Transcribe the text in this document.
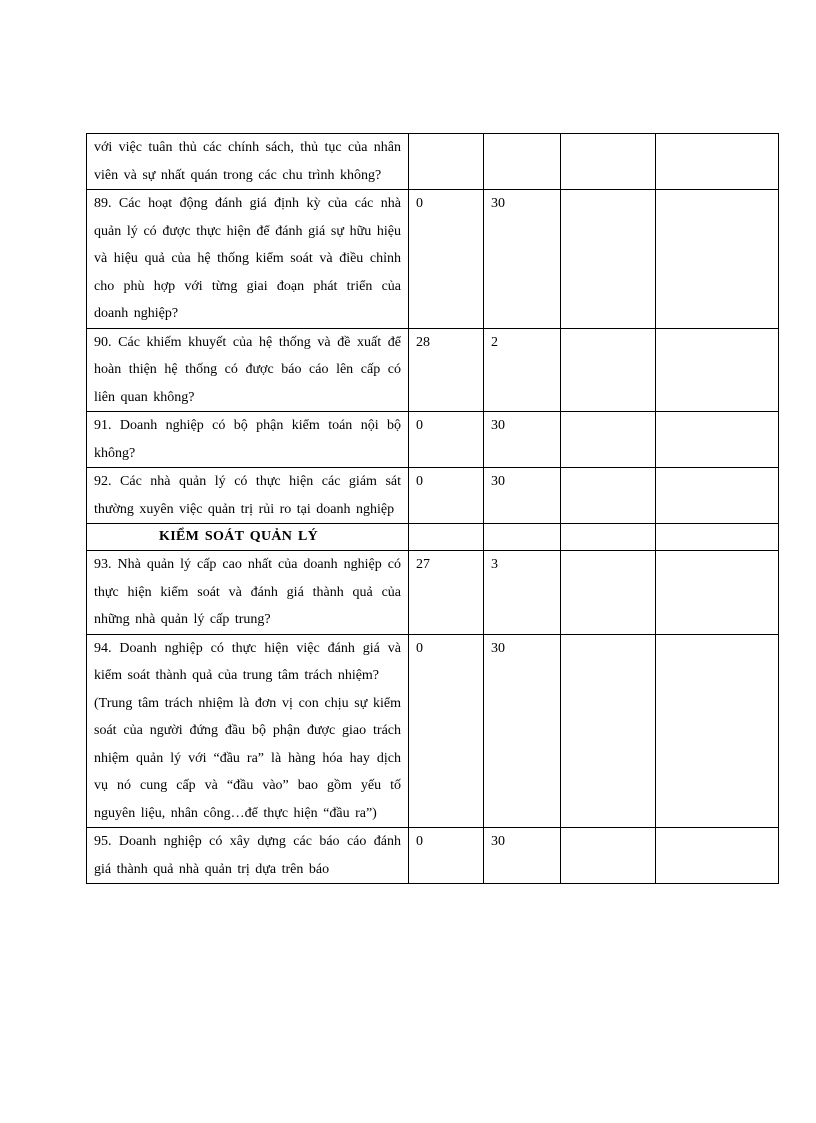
với việc tuân thủ các chính sách, thủ tục của nhân viên và sự nhất quán trong các chu trình không?				
89. Các hoạt động đánh giá định kỳ của các nhà quản lý có được thực hiện để đánh giá sự hữu hiệu và hiệu quả của hệ thống kiểm soát và điều chỉnh cho phù hợp với từng giai đoạn phát triển của doanh nghiệp?	0	30		
90. Các khiếm khuyết của hệ thống và đề xuất để hoàn thiện hệ thống có được báo cáo lên cấp có liên quan không?	28	2		
91. Doanh nghiệp có bộ phận kiểm toán nội bộ không?	0	30		
92. Các nhà quản lý có thực hiện các giám sát thường xuyên việc quản trị rủi ro tại doanh nghiệp	0	30		
KIỂM SOÁT QUẢN LÝ				
93. Nhà quản lý cấp cao nhất của doanh nghiệp có thực hiện kiểm soát và đánh giá thành quả của những nhà quản lý cấp trung?	27	3		

94. Doanh nghiệp có thực hiện việc đánh giá và kiểm soát thành quả của trung tâm trách nhiệm?
(Trung tâm trách nhiệm là đơn vị con chịu sự kiểm soát của người đứng đầu bộ phận được giao trách nhiệm quản lý với “đầu ra” là hàng hóa hay dịch vụ nó cung cấp và “đầu vào” bao gồm yếu tố nguyên liệu, nhân công…để thực hiện “đầu ra”)	0	30		
95. Doanh nghiệp có xây dựng các báo cáo đánh giá thành quả nhà quản trị dựa trên báo	0	30		
